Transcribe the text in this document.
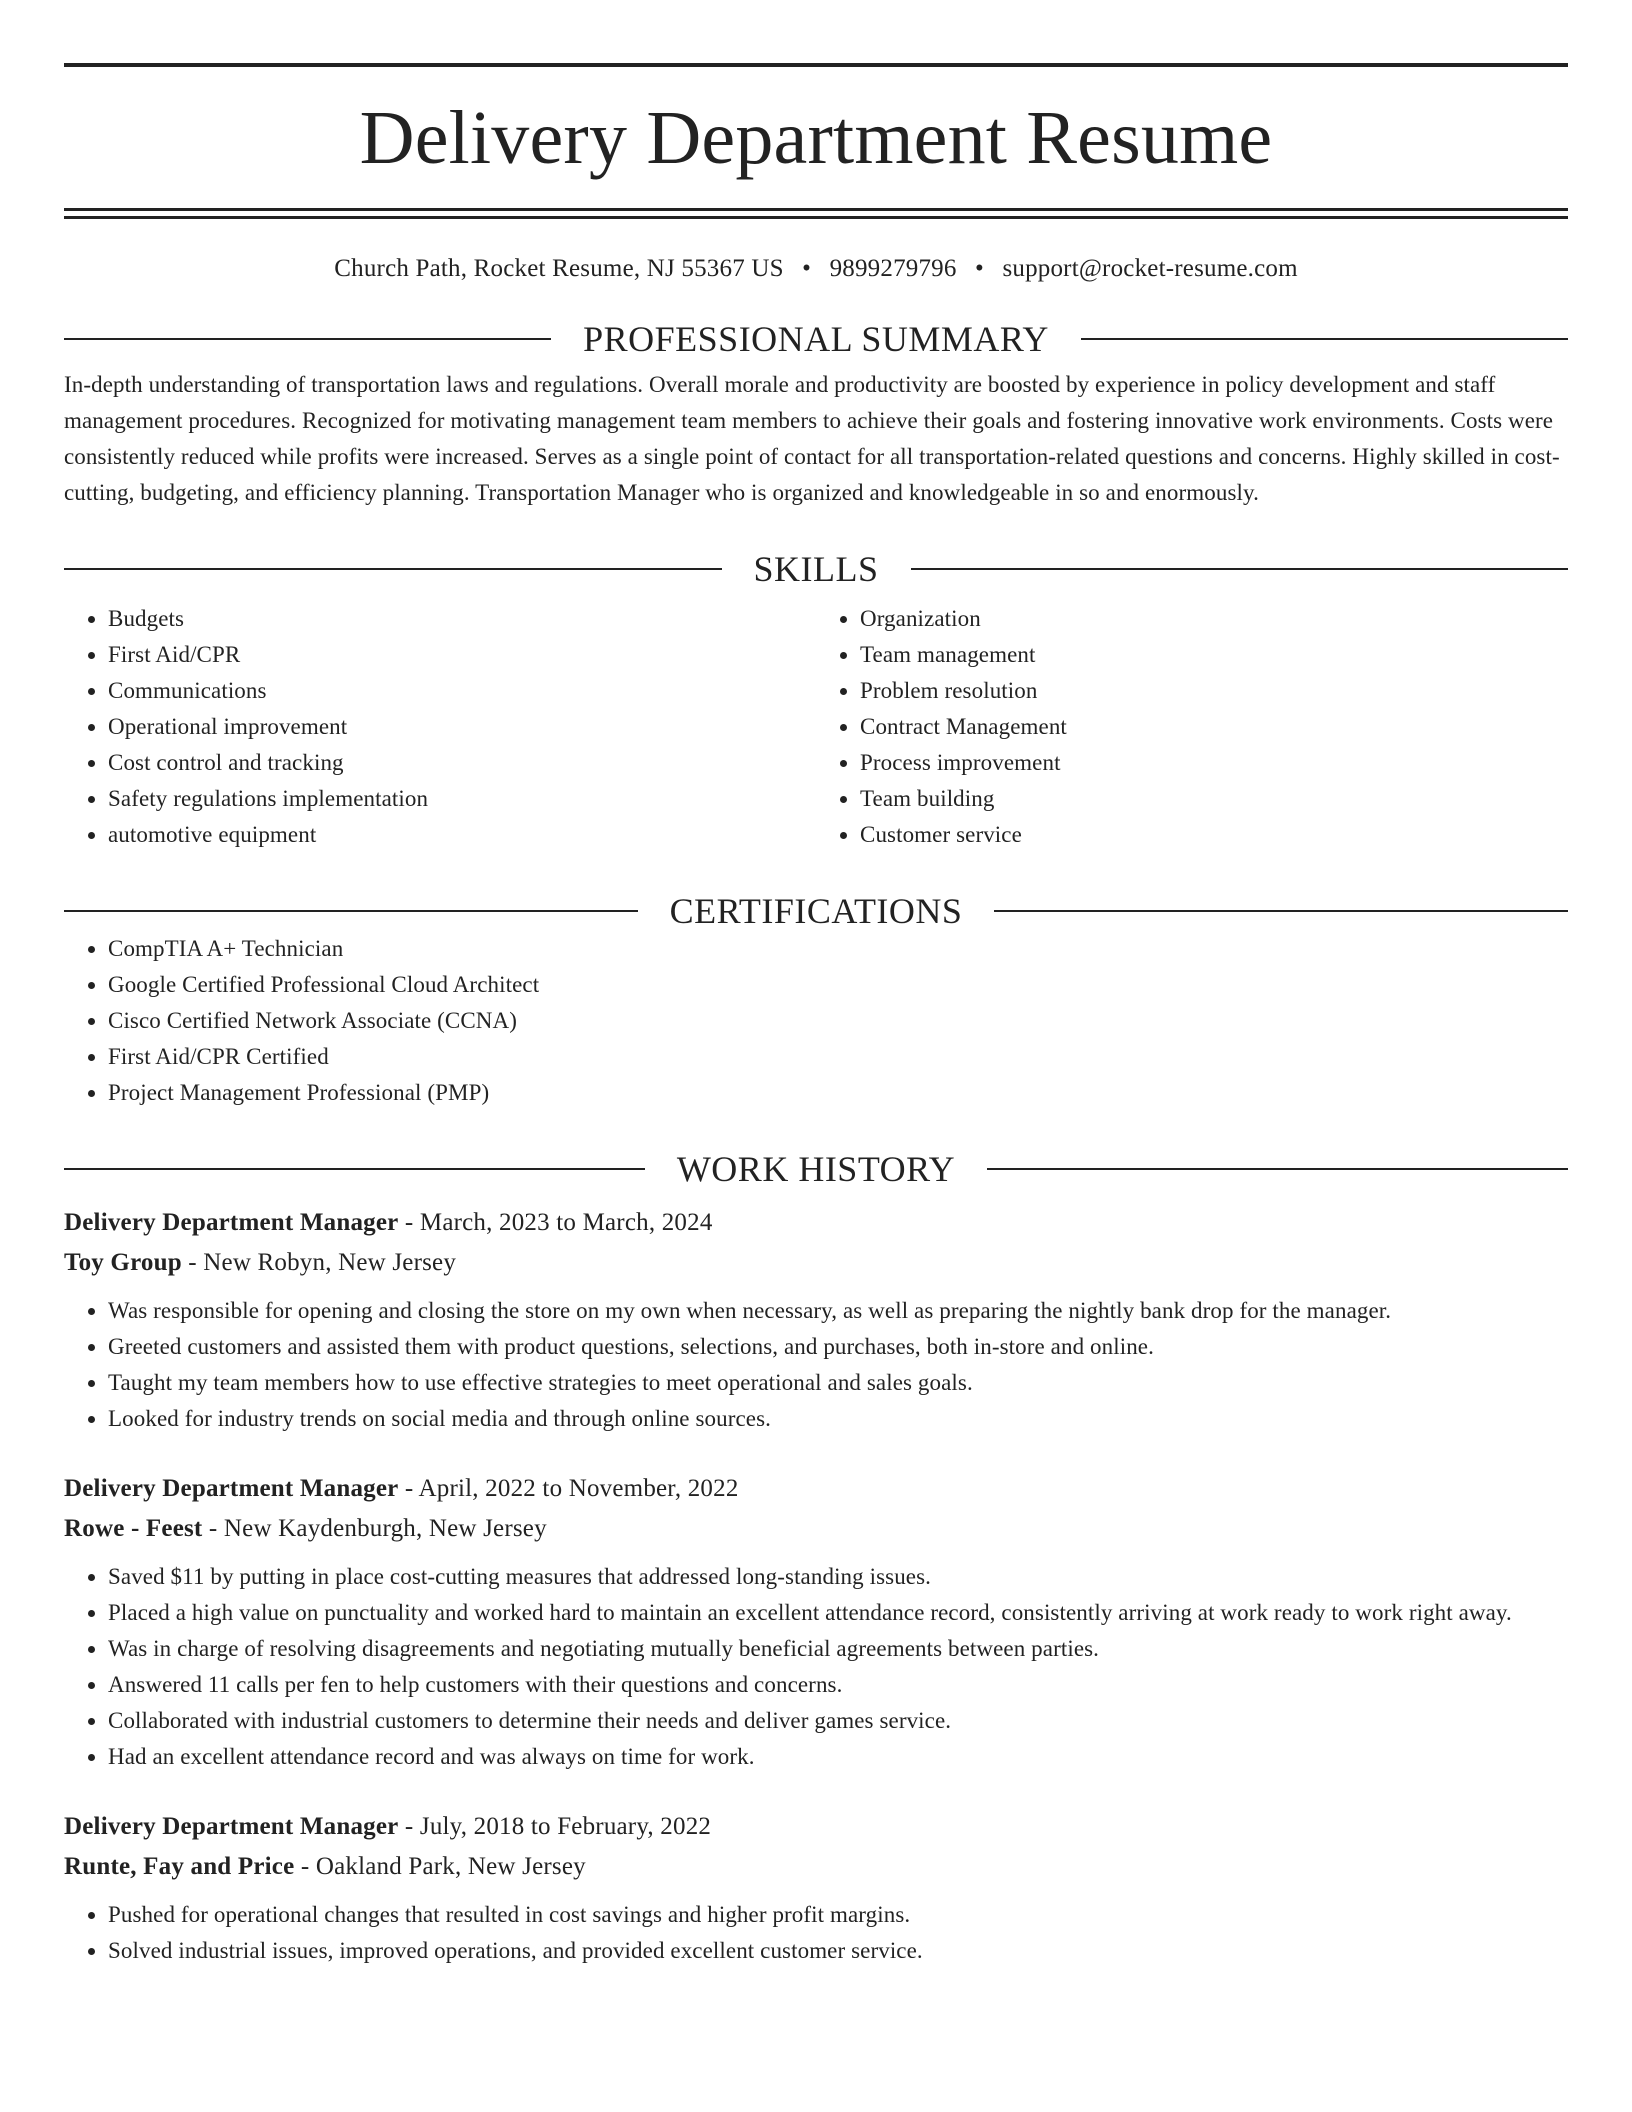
Delivery Department Resume
Church Path, Rocket Resume, NJ 55367 US • 9899279796 • support@rocket-resume.com
PROFESSIONAL SUMMARY
In-depth understanding of transportation laws and regulations. Overall morale and productivity are boosted by experience in policy development and staff management procedures. Recognized for motivating management team members to achieve their goals and fostering innovative work environments. Costs were consistently reduced while profits were increased. Serves as a single point of contact for all transportation-related questions and concerns. Highly skilled in cost-cutting, budgeting, and efficiency planning. Transportation Manager who is organized and knowledgeable in so and enormously.
SKILLS
• Budgets
• First Aid/CPR
• Communications
• Operational improvement
• Cost control and tracking
• Safety regulations implementation
• automotive equipment
• Organization
• Team management
• Problem resolution
• Contract Management
• Process improvement
• Team building
• Customer service
CERTIFICATIONS
• CompTIA A+ Technician
• Google Certified Professional Cloud Architect
• Cisco Certified Network Associate (CCNA)
• First Aid/CPR Certified
• Project Management Professional (PMP)
WORK HISTORY
Delivery Department Manager - March, 2023 to March, 2024
Toy Group - New Robyn, New Jersey
• Was responsible for opening and closing the store on my own when necessary, as well as preparing the nightly bank drop for the manager.
• Greeted customers and assisted them with product questions, selections, and purchases, both in-store and online.
• Taught my team members how to use effective strategies to meet operational and sales goals.
• Looked for industry trends on social media and through online sources.
Delivery Department Manager - April, 2022 to November, 2022
Rowe - Feest - New Kaydenburgh, New Jersey
• Saved $11 by putting in place cost-cutting measures that addressed long-standing issues.
• Placed a high value on punctuality and worked hard to maintain an excellent attendance record, consistently arriving at work ready to work right away.
• Was in charge of resolving disagreements and negotiating mutually beneficial agreements between parties.
• Answered 11 calls per fen to help customers with their questions and concerns.
• Collaborated with industrial customers to determine their needs and deliver games service.
• Had an excellent attendance record and was always on time for work.
Delivery Department Manager - July, 2018 to February, 2022
Runte, Fay and Price - Oakland Park, New Jersey
• Pushed for operational changes that resulted in cost savings and higher profit margins.
• Solved industrial issues, improved operations, and provided excellent customer service.
